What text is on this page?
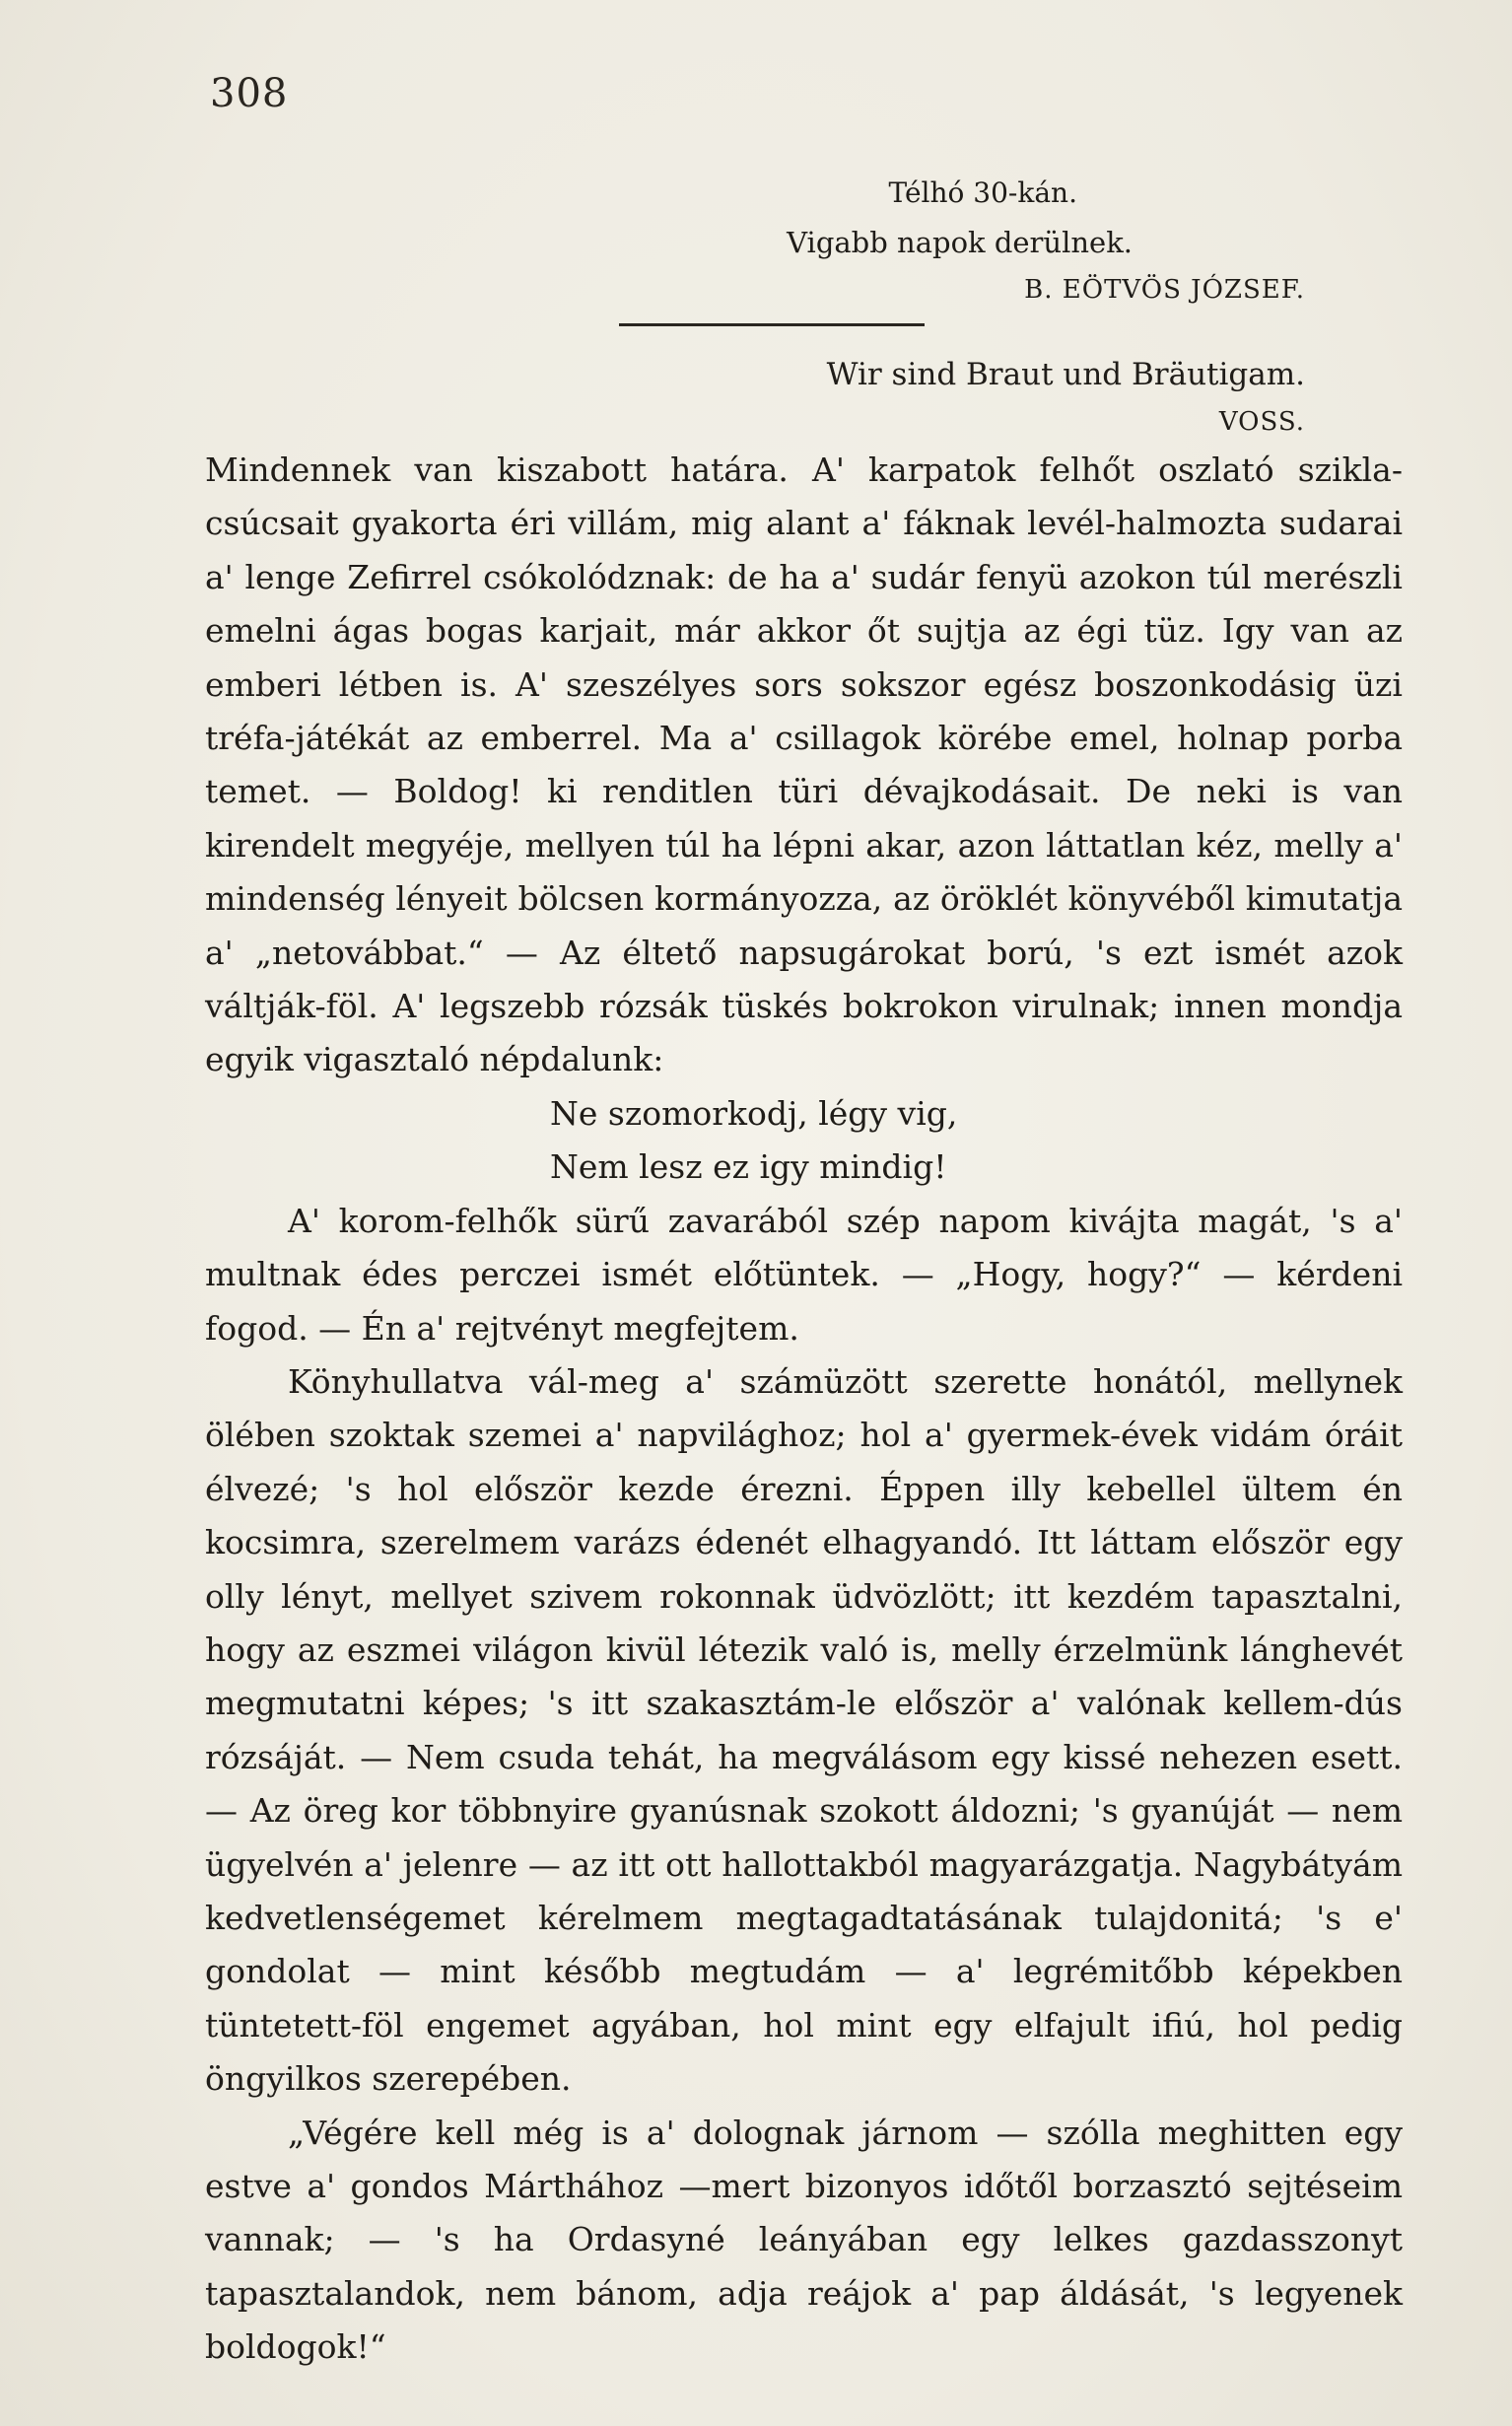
308
Télhó 30-kán.
Vigabb napok derülnek.
B. EÖTVÖS JÓZSEF.
Wir sind Braut und Bräutigam.
VOSS.

Mindennek van kiszabott határa. A' karpatok felhőt oszlató szikla-csúcsait gyakorta éri villám, mig alant a' fáknak levél-halmozta sudarai a' lenge Zefirrel csókolódznak: de ha a' sudár fenyü azokon túl merészli emelni ágas bogas karjait, már akkor őt sujtja az égi tüz. Igy van az emberi létben is. A' szeszélyes sors sokszor egész boszonkodásig üzi tréfa-játékát az emberrel. Ma a' csillagok körébe emel, holnap porba temet. — Boldog! ki renditlen türi dévajkodásait. De neki is van kirendelt megyéje, mellyen túl ha lépni akar, azon láttatlan kéz, melly a' mindenség lényeit bölcsen kormányozza, az öröklét könyvéből kimutatja a' „netovábbat.“ — Az éltető napsugárokat ború, 's ezt ismét azok váltják-föl. A' legszebb rózsák tüskés bokrokon virulnak; innen mondja egyik vigasztaló népdalunk:

Ne szomorkodj, légy vig,

Nem lesz ez igy mindig!

A' korom-felhők sürű zavarából szép napom kivájta magát, 's a' multnak édes perczei ismét előtüntek. — „Hogy, hogy?“ — kérdeni fogod. — Én a' rejtvényt megfejtem.

Könyhullatva vál-meg a' számüzött szerette honától, mellynek ölében szoktak szemei a' napvilághoz; hol a' gyermek-évek vidám óráit élvezé; 's hol először kezde érezni. Éppen illy kebellel ültem én kocsimra, szerelmem varázs édenét elhagyandó. Itt láttam először egy olly lényt, mellyet szivem rokonnak üdvözlött; itt kezdém tapasztalni, hogy az eszmei világon kivül létezik való is, melly érzelmünk lánghevét megmutatni képes; 's itt szakasztám-le először a' valónak kellem-dús rózsáját. — Nem csuda tehát, ha megválásom egy kissé nehezen esett. — Az öreg kor többnyire gyanúsnak szokott áldozni; 's gyanúját — nem ügyelvén a' jelenre — az itt ott hallottakból magyarázgatja. Nagybátyám kedvetlenségemet kérelmem megtagadtatásának tulajdonitá; 's e' gondolat — mint később megtudám — a' legrémitőbb képekben tüntetett-föl engemet agyában, hol mint egy elfajult ifiú, hol pedig öngyilkos szerepében.

„Végére kell még is a' dolognak járnom — szólla meghitten egy estve a' gondos Márthához —mert bizonyos időtől borzasztó sejtéseim vannak; — 's ha Ordasyné leányában egy lelkes gazdasszonyt tapasztalandok, nem bánom, adja reájok a' pap áldását, 's legyenek boldogok!“
